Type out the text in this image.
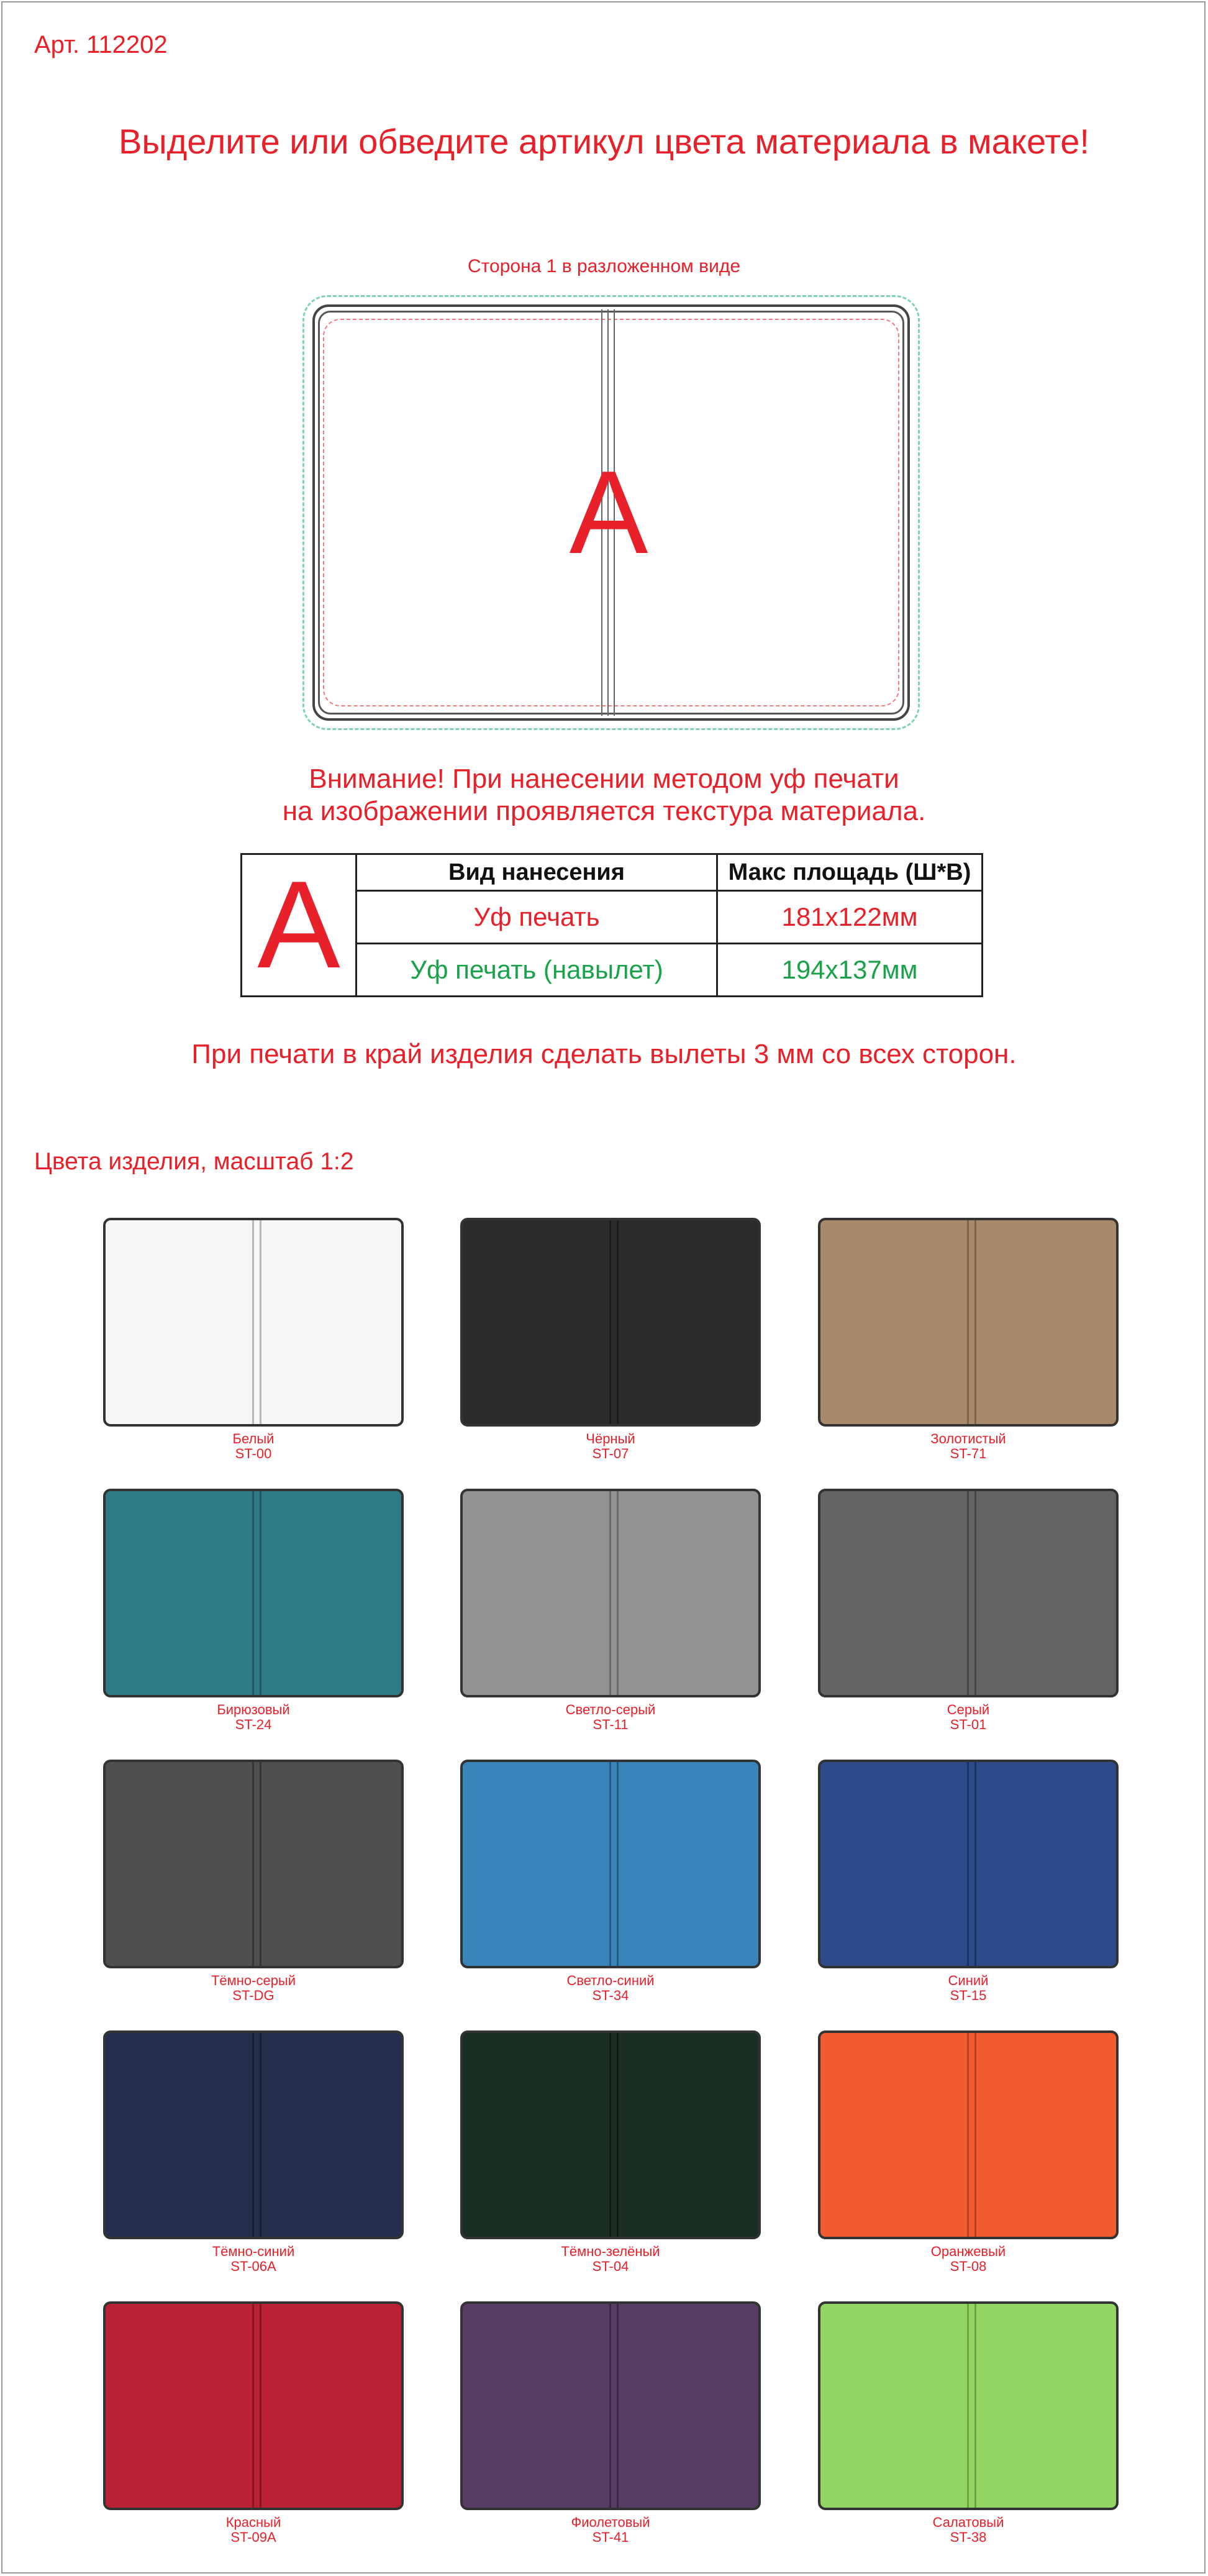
Арт. 112202
Выделите или обведите артикул цвета материала в макете!
Сторона 1 в разложенном виде
A
Внимание! При нанесении методом уф печати
на изображении проявляется текстура материала.
A	Вид нанесения	Макс площадь (Ш*В)
	Уф печать	181х122мм
	Уф печать (навылет)	194х137мм
При печати в край изделия сделать вылеты 3 мм со всех сторон.
Цвета изделия, масштаб 1:2
Белый
ST-00
Чёрный
ST-07
Золотистый
ST-71
Бирюзовый
ST-24
Светло-серый
ST-11
Серый
ST-01
Тёмно-серый
ST-DG
Светло-синий
ST-34
Синий
ST-15
Тёмно-синий
ST-06A
Тёмно-зелёный
ST-04
Оранжевый
ST-08
Красный
ST-09A
Фиолетовый
ST-41
Салатовый
ST-38
